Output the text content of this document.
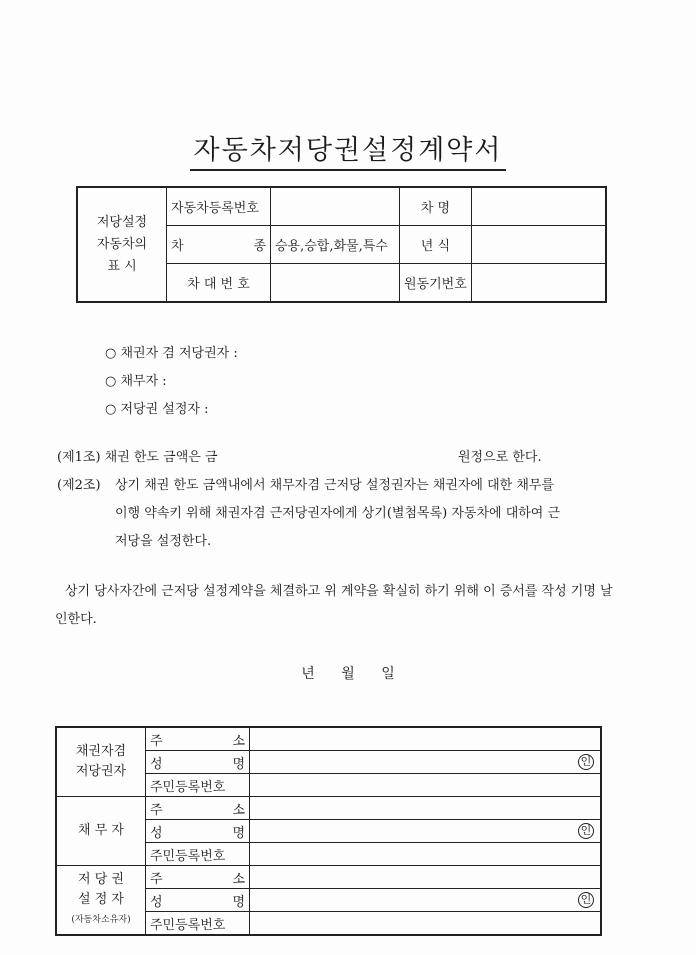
자동차저당권설정계약서
저당설정
자동차의
표 시	자동차등록번호		차 명	
	차 종	승용,승합,화물,특수	년 식	
	차 대 번 호		원동기번호	
○ 채권자 겸 저당권자 :
○ 채무자 :
○ 저당권 설정자 :
(제1조) 채권 한도 금액은 금	원정으로 한다.
(제2조) 상기 채권 한도 금액내에서 채무자겸 근저당 설정권자는 채권자에 대한 채무를
이행 약속키 위해 채권자겸 근저당권자에게 상기(별첨목록) 자동차에 대하여 근
저당을 설정한다.
상기 당사자간에 근저당 설정계약을 체결하고 위 계약을 확실히 하기 위해 이 증서를 작성 기명 날인한다.
년 월 일
채권자겸
저당권자	주 소	
	성 명	인

	주민등록번호	
채 무 자	주 소	
	성 명	인

	주민등록번호	

저 당 권
설 정 자
(자동차소유자)	주 소	
	성 명	인

	주민등록번호	
